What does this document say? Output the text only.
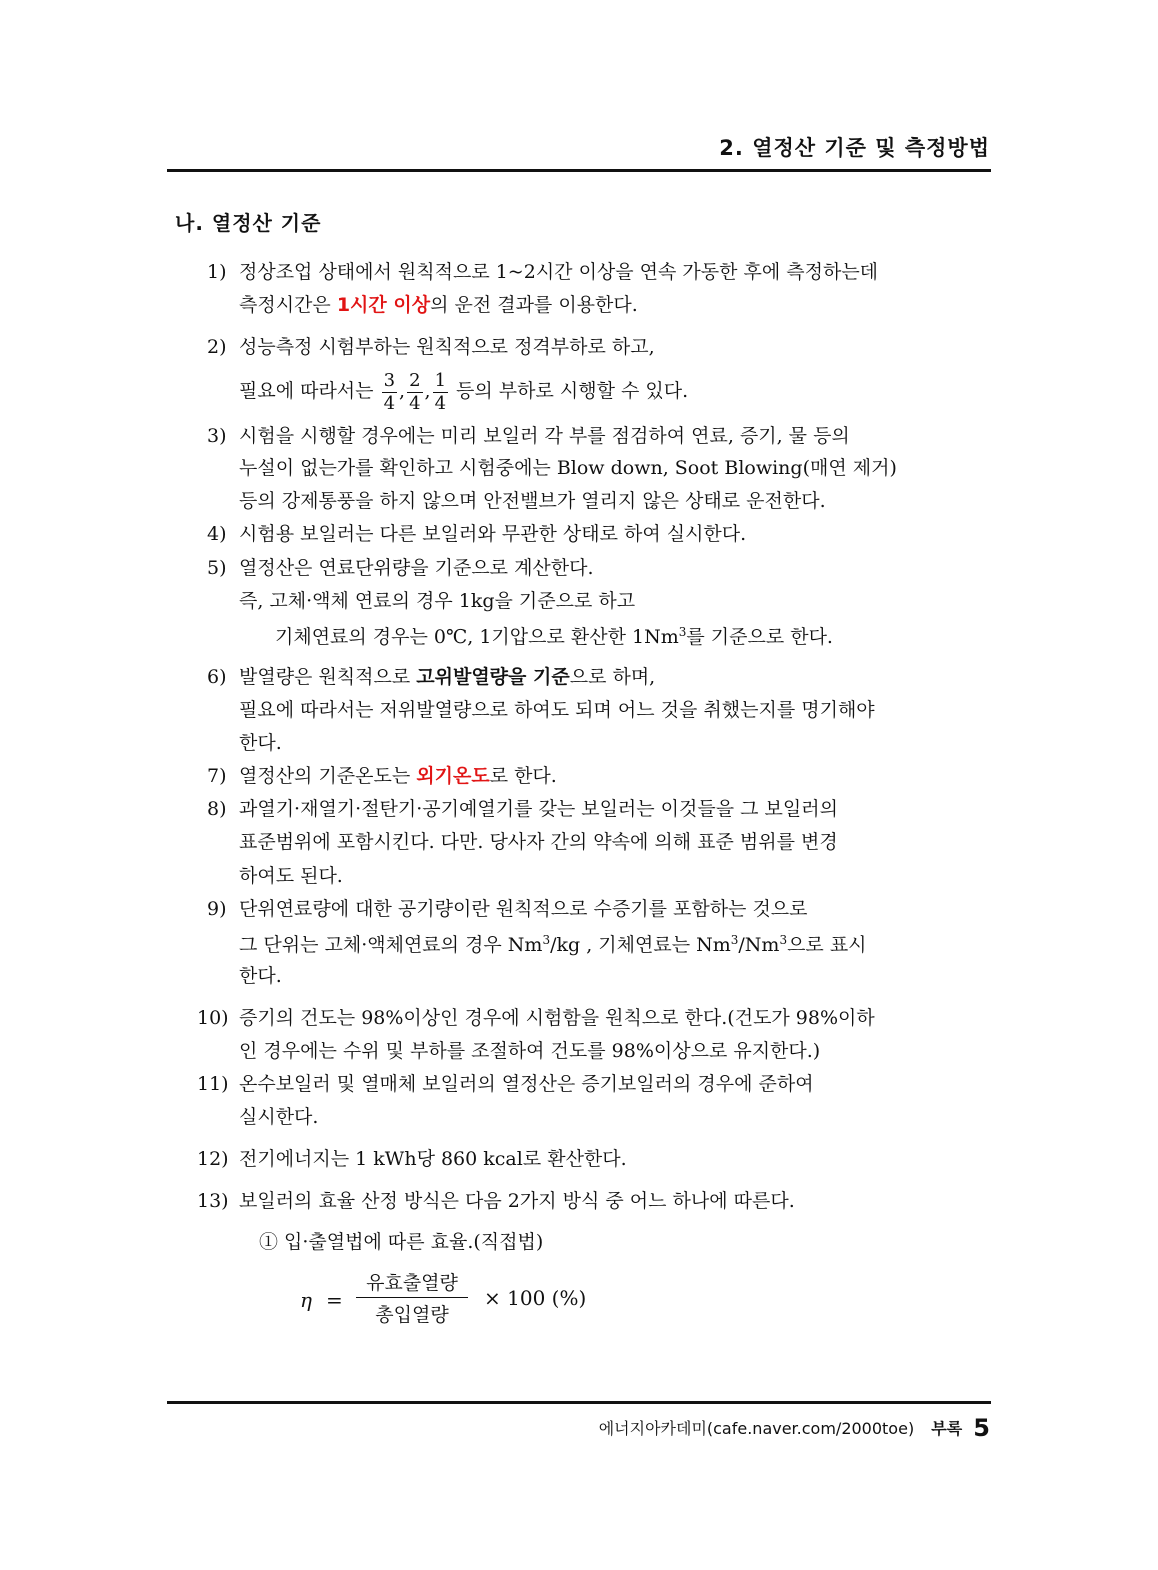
2. 열정산 기준 및 측정방법
나. 열정산 기준
1) 정상조업 상태에서 원칙적으로 1~2시간 이상을 연속 가동한 후에 측정하는데
측정시간은 1시간 이상의 운전 결과를 이용한다.
2) 성능측정 시험부하는 원칙적으로 정격부하로 하고,
필요에 따라서는 $\frac{3}{4}$ , $\frac{2}{4}$ , $\frac{1}{4}$ 등의 부하로 시행할 수 있다.
3) 시험을 시행할 경우에는 미리 보일러 각 부를 점검하여 연료, 증기, 물 등의
누설이 없는가를 확인하고 시험중에는 Blow down, Soot Blowing(매연 제거)
등의 강제통풍을 하지 않으며 안전밸브가 열리지 않은 상태로 운전한다.
4) 시험용 보일러는 다른 보일러와 무관한 상태로 하여 실시한다.
5) 열정산은 연료단위량을 기준으로 계산한다.
즉, 고체·액체 연료의 경우 1kg을 기준으로 하고
기체연료의 경우는 0℃, 1기압으로 환산한 1Nm$^3$를 기준으로 한다.
6) 발열량은 원칙적으로 고위발열량을 기준으로 하며,
필요에 따라서는 저위발열량으로 하여도 되며 어느 것을 취했는지를 명기해야
한다.
7) 열정산의 기준온도는 외기온도로 한다.
8) 과열기·재열기·절탄기·공기예열기를 갖는 보일러는 이것들을 그 보일러의
표준범위에 포함시킨다. 다만. 당사자 간의 약속에 의해 표준 범위를 변경
하여도 된다.
9) 단위연료량에 대한 공기량이란 원칙적으로 수증기를 포함하는 것으로
그 단위는 고체·액체연료의 경우 Nm$^3$/kg , 기체연료는 Nm$^3$/Nm$^3$으로 표시
한다.
10) 증기의 건도는 98%이상인 경우에 시험함을 원칙으로 한다.(건도가 98%이하
인 경우에는 수위 및 부하를 조절하여 건도를 98%이상으로 유지한다.)
11) 온수보일러 및 열매체 보일러의 열정산은 증기보일러의 경우에 준하여
실시한다.
12) 전기에너지는 1 kWh당 860 kcal로 환산한다.
13) 보일러의 효율 산정 방식은 다음 2가지 방식 중 어느 하나에 따른다.
① 입·출열법에 따른 효율.(직접법)
η =
유효출열량
총입열량
× 100 (%)
에너지아카데미(cafe.naver.com/2000toe) 부록 5
